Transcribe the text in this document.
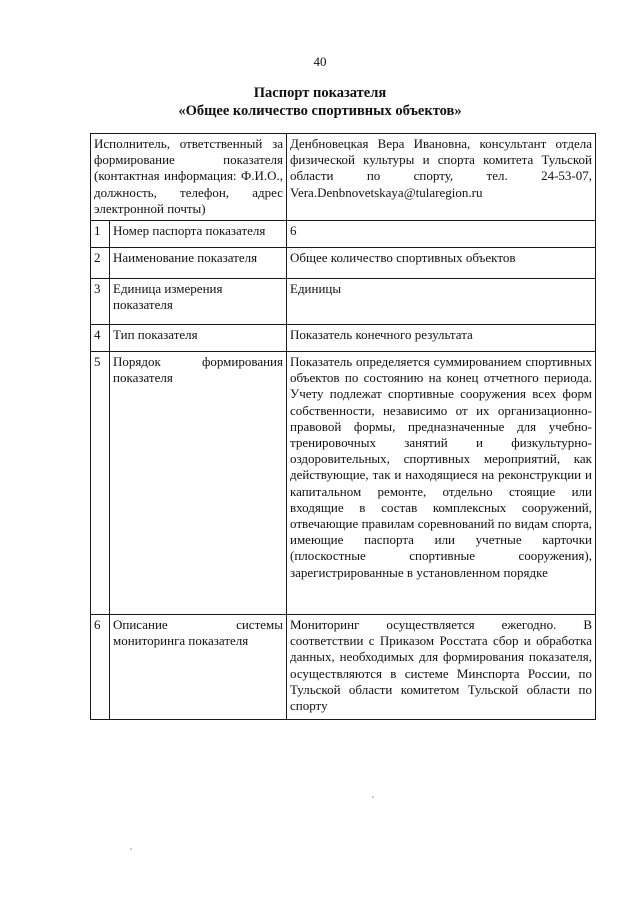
40
Паспорт показателя
«Общее количество спортивных объектов»
Исполнитель, ответственный за формирование показателя (контактная информация: Ф.И.О., должность, телефон, адрес электронной почты)		Денбновецкая Вера Ивановна, консультант отдела физической культуры и спорта комитета Тульской области по спорту, тел. 24-53-07, Vera.Denbnovetskaya@tularegion.ru
1	Номер паспорта показателя	6
2	Наименование показателя	Общее количество спортивных объектов
3	Единица измерения показателя	Единицы
4	Тип показателя	Показатель конечного результата
5	Порядок формирования показателя	Показатель определяется суммированием спортивных объектов по состоянию на конец отчетного периода. Учету подлежат спортивные сооружения всех форм собственности, независимо от их организационно-правовой формы, предназначенные для учебно-тренировочных занятий и физкультурно-оздоровительных, спортивных мероприятий, как действующие, так и находящиеся на реконструкции и капитальном ремонте, отдельно стоящие или входящие в состав комплексных сооружений, отвечающие правилам соревнований по видам спорта, имеющие паспорта или учетные карточки (плоскостные спортивные сооружения), зарегистрированные в установленном порядке
6	Описание системы мониторинга показателя	Мониторинг осуществляется ежегодно. В соответствии с Приказом Росстата сбор и обработка данных, необходимых для формирования показателя, осуществляются в системе Минспорта России, по Тульской области комитетом Тульской области по спорту
